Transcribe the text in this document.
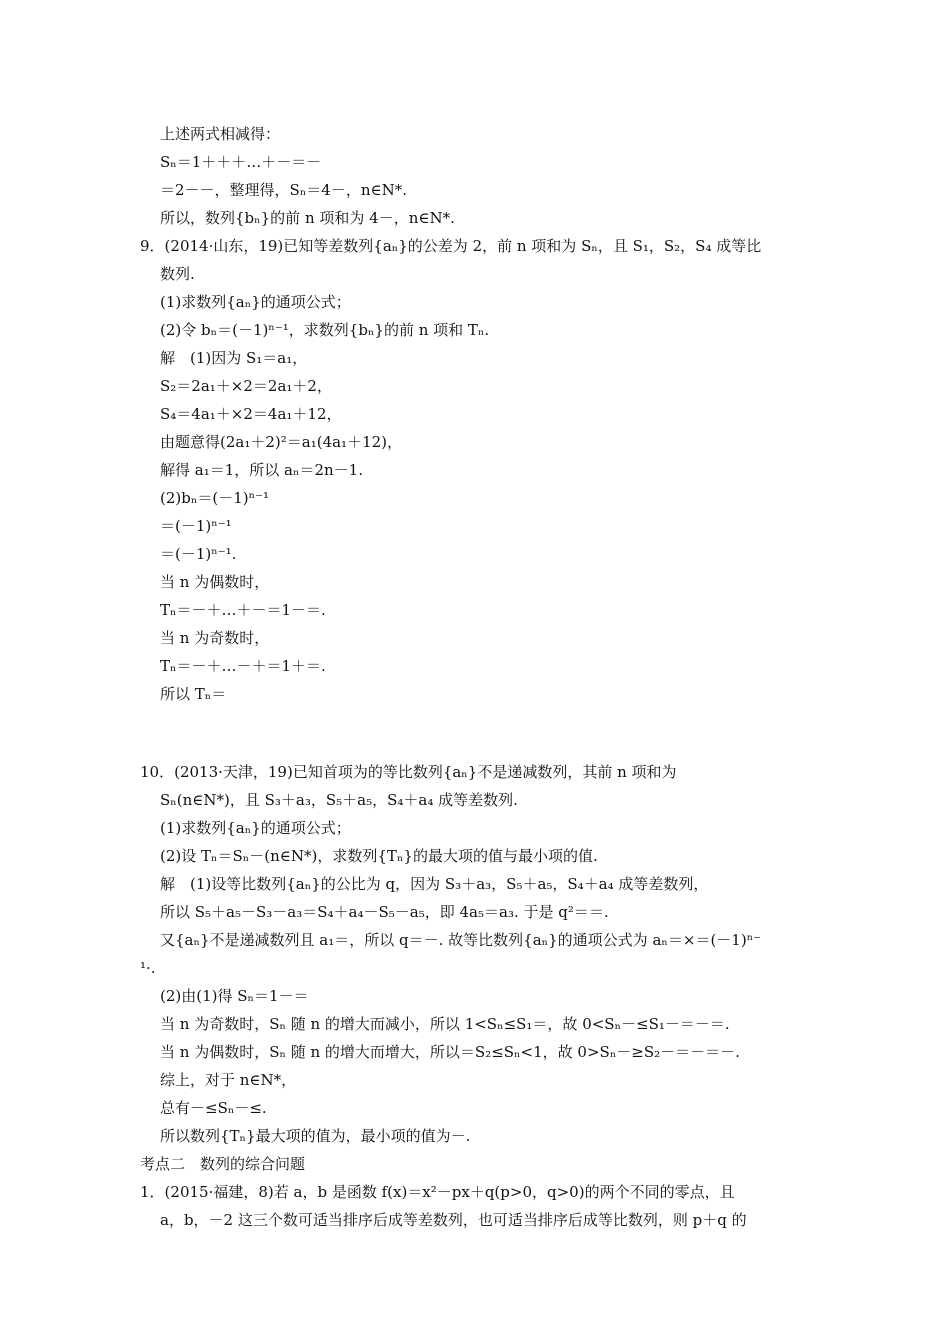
上述两式相减得：
Sₙ＝1＋＋＋…＋－＝－
＝2－－，整理得，Sₙ＝4－，n∈N*.
所以，数列{bₙ}的前 n 项和为 4－，n∈N*.
9．(2014·山东，19)已知等差数列{aₙ}的公差为 2，前 n 项和为 Sₙ，且 S₁，S₂，S₄ 成等比
数列.
(1)求数列{aₙ}的通项公式；
(2)令 bₙ＝(－1)ⁿ⁻¹，求数列{bₙ}的前 n 项和 Tₙ.
解　(1)因为 S₁＝a₁，
S₂＝2a₁＋×2＝2a₁＋2，
S₄＝4a₁＋×2＝4a₁＋12，
由题意得(2a₁＋2)²＝a₁(4a₁＋12)，
解得 a₁＝1，所以 aₙ＝2n－1.
(2)bₙ＝(－1)ⁿ⁻¹
＝(－1)ⁿ⁻¹
＝(－1)ⁿ⁻¹.
当 n 为偶数时，
Tₙ＝－＋…＋－＝1－＝.
当 n 为奇数时，
Tₙ＝－＋…－＋＝1＋＝.
所以 Tₙ＝
10．(2013·天津，19)已知首项为的等比数列{aₙ}不是递减数列，其前 n 项和为
Sₙ(n∈N*)，且 S₃＋a₃，S₅＋a₅，S₄＋a₄ 成等差数列.
(1)求数列{aₙ}的通项公式；
(2)设 Tₙ＝Sₙ－(n∈N*)，求数列{Tₙ}的最大项的值与最小项的值.
解　(1)设等比数列{aₙ}的公比为 q，因为 S₃＋a₃，S₅＋a₅，S₄＋a₄ 成等差数列，
所以 S₅＋a₅－S₃－a₃＝S₄＋a₄－S₅－a₅，即 4a₅＝a₃. 于是 q²＝＝.
又{aₙ}不是递减数列且 a₁＝，所以 q＝－. 故等比数列{aₙ}的通项公式为 aₙ＝×＝(－1)ⁿ⁻
¹·.
(2)由(1)得 Sₙ＝1－＝
当 n 为奇数时，Sₙ 随 n 的增大而减小，所以 1<Sₙ≤S₁＝，故 0<Sₙ－≤S₁－＝－＝.
当 n 为偶数时，Sₙ 随 n 的增大而增大，所以＝S₂≤Sₙ<1，故 0>Sₙ－≥S₂－＝－＝－.
综上，对于 n∈N*，
总有－≤Sₙ－≤.
所以数列{Tₙ}最大项的值为，最小项的值为－.
考点二　数列的综合问题
1．(2015·福建，8)若 a，b 是函数 f(x)＝x²－px＋q(p>0，q>0)的两个不同的零点，且
a，b，－2 这三个数可适当排序后成等差数列，也可适当排序后成等比数列，则 p＋q 的
